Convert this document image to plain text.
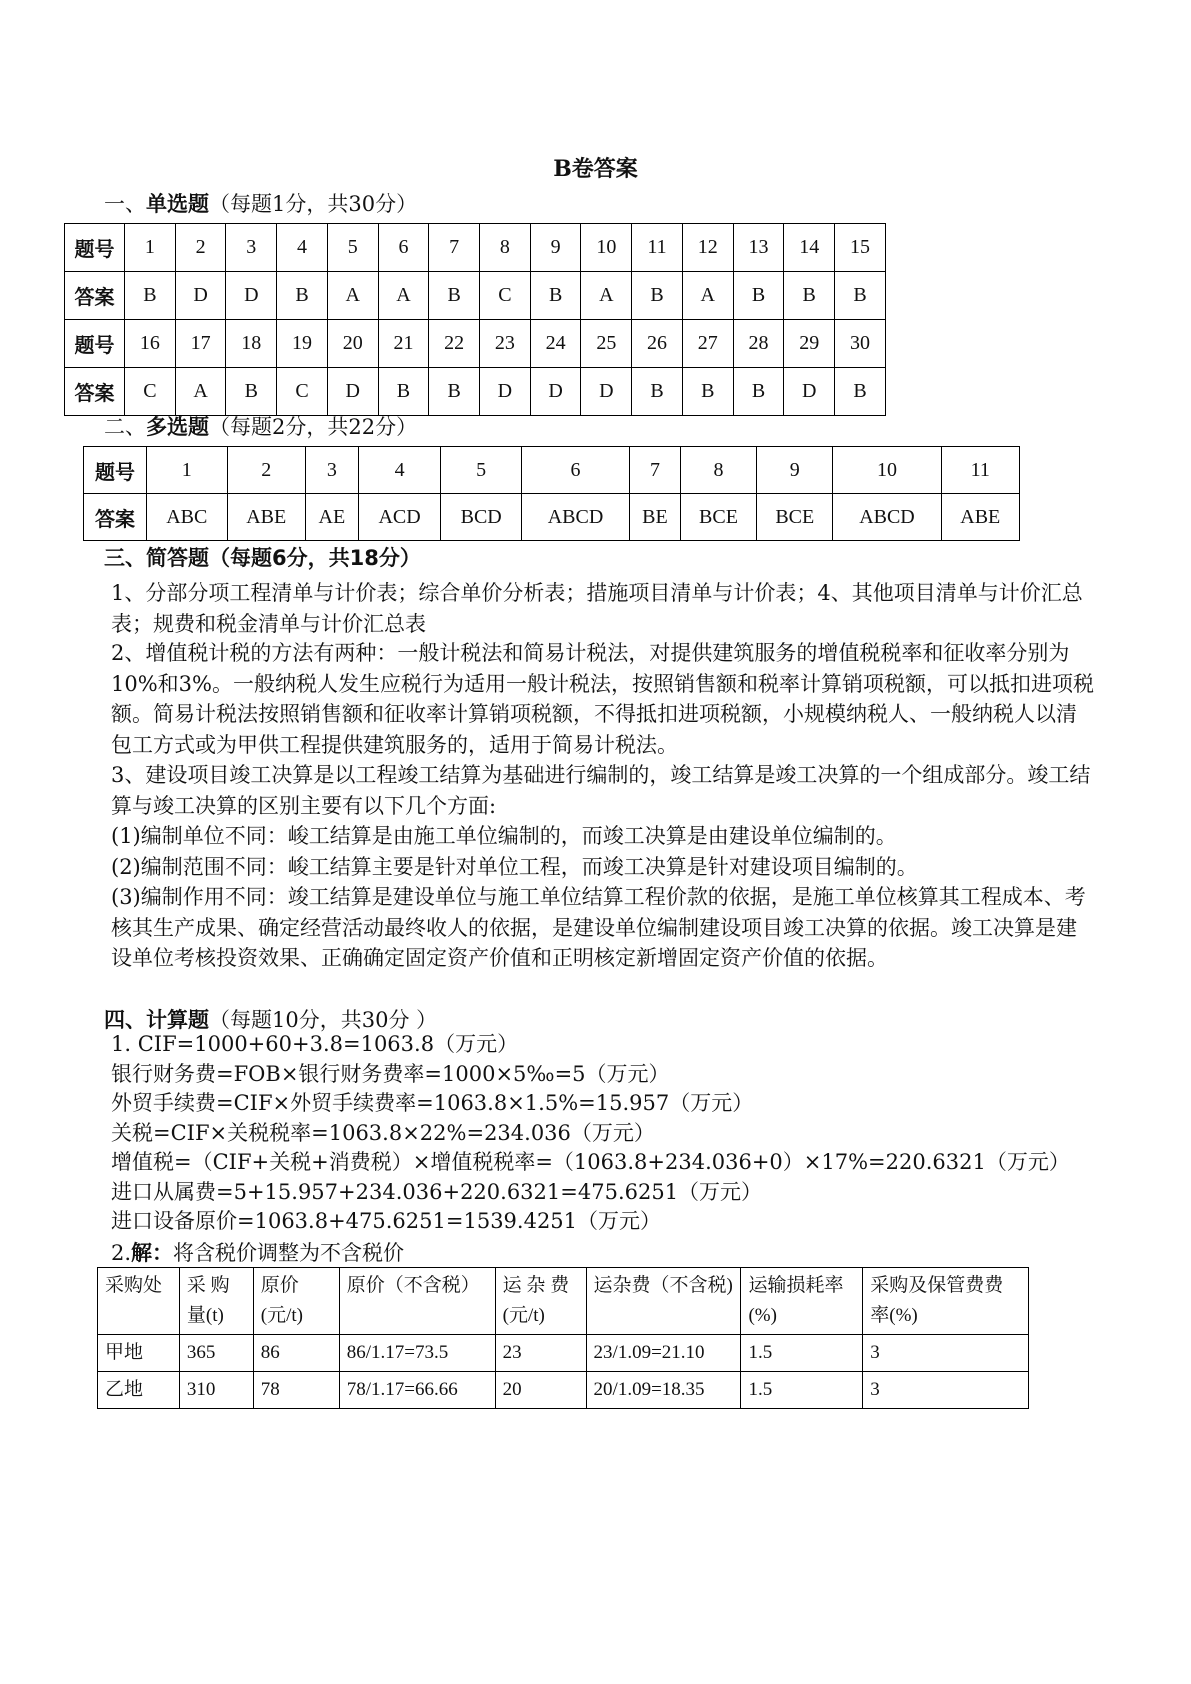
B卷答案
一、单选题（每题1分，共30分）
题号	1	2	3	4	5	6	7	8	9	10	11	12	13	14	15
答案	B	D	D	B	A	A	B	C	B	A	B	A	B	B	B
题号	16	17	18	19	20	21	22	23	24	25	26	27	28	29	30
答案	C	A	B	C	D	B	B	D	D	D	B	B	B	D	B
二、多选题（每题2分，共22分）
题号	1	2	3	4	5	6	7	8	9	10	11
答案	ABC	ABE	AE	ACD	BCD	ABCD	BE	BCE	BCE	ABCD	ABE
三、简答题（每题6分，共18分）
1、分部分项工程清单与计价表；综合单价分析表；措施项目清单与计价表；4、其他项目清单与计价汇总表；规费和税金清单与计价汇总表
2、增值税计税的方法有两种：一般计税法和简易计税法，对提供建筑服务的增值税税率和征收率分别为10%和3%。一般纳税人发生应税行为适用一般计税法，按照销售额和税率计算销项税额，可以抵扣进项税额。简易计税法按照销售额和征收率计算销项税额，不得抵扣进项税额，小规模纳税人、一般纳税人以清包工方式或为甲供工程提供建筑服务的，适用于简易计税法。
3、建设项目竣工决算是以工程竣工结算为基础进行编制的，竣工结算是竣工决算的一个组成部分。竣工结算与竣工决算的区别主要有以下几个方面:
(1)编制单位不同：峻工结算是由施工单位编制的，而竣工决算是由建设单位编制的。
(2)编制范围不同：峻工结算主要是针对单位工程，而竣工决算是针对建设项目编制的。
(3)编制作用不同：竣工结算是建设单位与施工单位结算工程价款的依据，是施工单位核算其工程成本、考核其生产成果、确定经营活动最终收人的依据，是建设单位编制建设项目竣工决算的依据。竣工决算是建设单位考核投资效果、正确确定固定资产价值和正明核定新增固定资产价值的依据。
四、计算题（每题10分，共30分 ）
1. CIF=1000+60+3.8=1063.8（万元）
银行财务费=FOB×银行财务费率=1000×5‰=5（万元）
外贸手续费=CIF×外贸手续费率=1063.8×1.5%=15.957（万元）
关税=CIF×关税税率=1063.8×22%=234.036（万元）
增值税=（CIF+关税+消费税）×增值税税率=（1063.8+234.036+0）×17%=220.6321（万元）
进口从属费=5+15.957+234.036+220.6321=475.6251（万元）
进口设备原价=1063.8+475.6251=1539.4251（万元）
2.解：将含税价调整为不含税价
采购处	采 购 量(t)	原价 (元/t)	原价（不含税）	运 杂 费 (元/t)	运杂费（不含税)	运输损耗率(%)	采购及保管费费率(%)
甲地	365	86	86/1.17=73.5	23	23/1.09=21.10	1.5	3
乙地	310	78	78/1.17=66.66	20	20/1.09=18.35	1.5	3
